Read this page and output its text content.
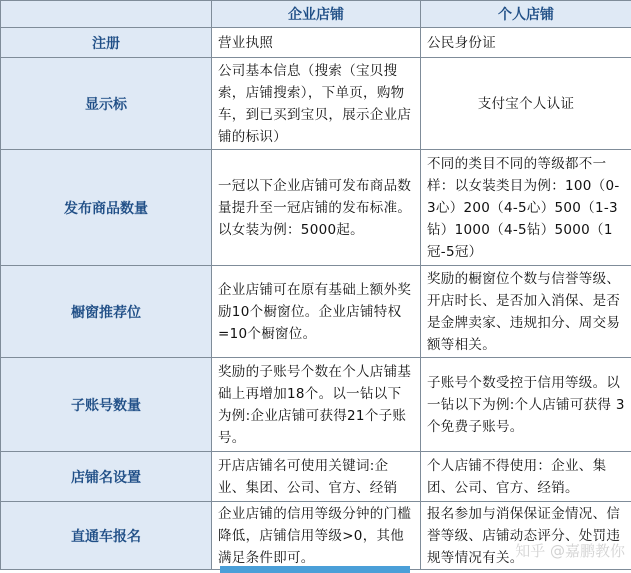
	企业店铺	个人店铺
注册	营业执照	公民身份证
显示标	公司基本信息（搜索（宝贝搜索，店铺搜索），下单页，购物车，到已买到宝贝，展示企业店铺的标识）	支付宝个人认证
发布商品数量	一冠以下企业店铺可发布商品数量提升至一冠店铺的发布标准。以女装为例：5000起。	不同的类目不同的等级都不一样：以女装类目为例：100（0-3心）200（4-5心）500（1-3钻）1000（4-5钻）5000（1冠-5冠）
橱窗推荐位	企业店铺可在原有基础上额外奖励10个橱窗位。企业店铺特权=10个橱窗位。	奖励的橱窗位个数与信誉等级、开店时长、是否加入消保、是否是金牌卖家、违规扣分、周交易额等相关。
子账号数量	奖励的子账号个数在个人店铺基础上再增加18个。以一钻以下为例:企业店铺可获得21个子账号。	子账号个数受控于信用等级。以一钻以下为例:个人店铺可获得 3 个免费子账号。
店铺名设置	开店店铺名可使用关键词:企业、集团、公司、官方、经销	个人店铺不得使用：企业、集团、公司、官方、经销。
直通车报名	企业店铺的信用等级分钟的门槛降低，店铺信用等级>0，其他满足条件即可。	报名参加与消保保证金情况、信誉等级、店铺动态评分、处罚违规等情况有关。
知乎 @嘉鹏教你
